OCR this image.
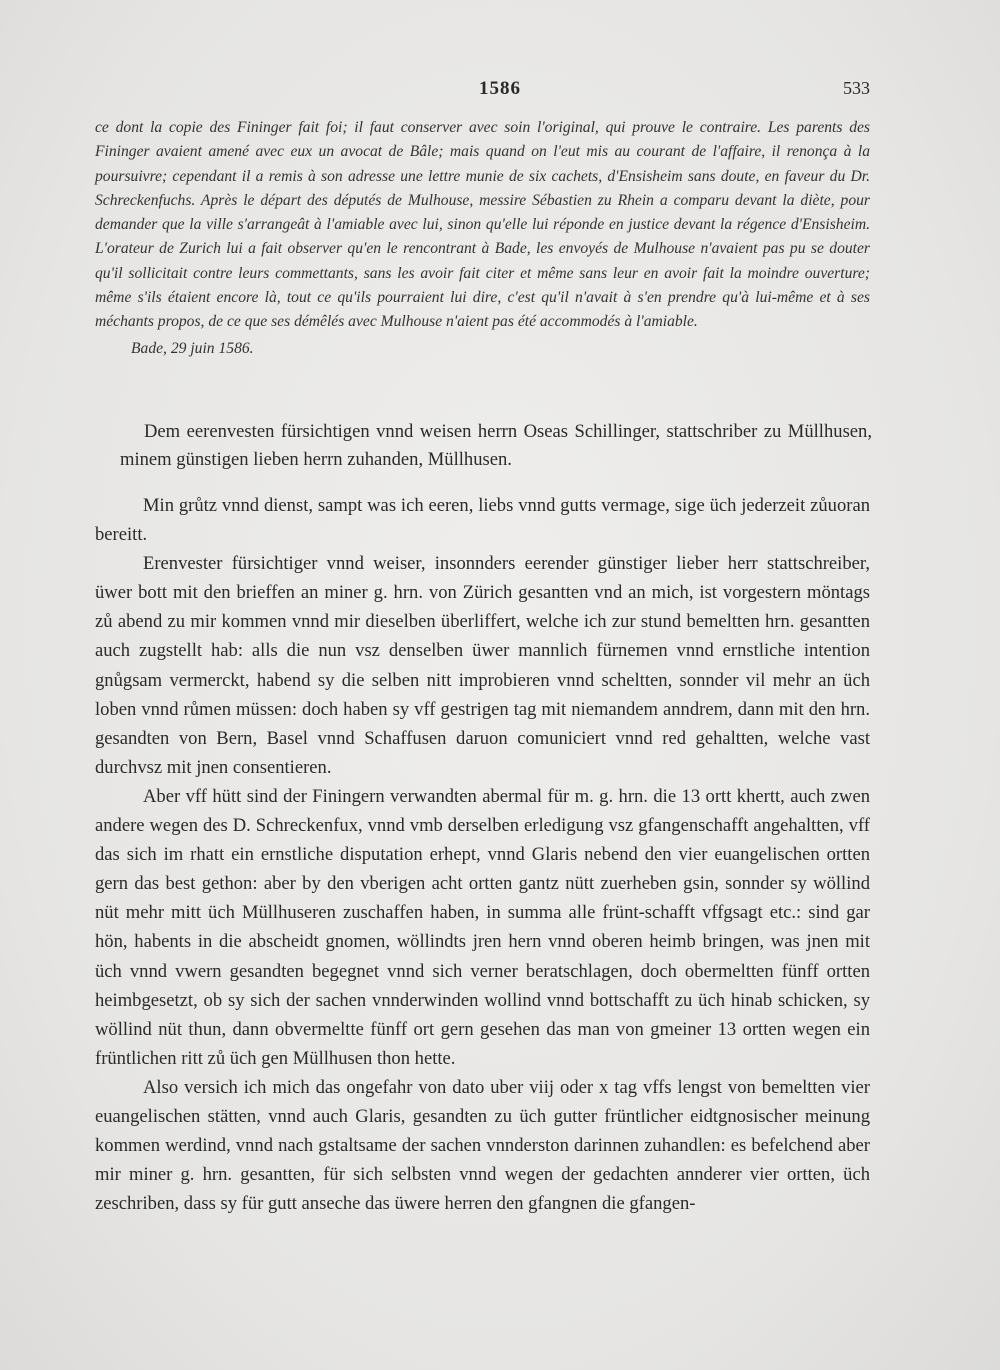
1586	533

ce dont la copie des Fininger fait foi; il faut conserver avec soin l'original, qui prouve le contraire. Les parents des Fininger avaient amené avec eux un avocat de Bâle; mais quand on l'eut mis au courant de l'affaire, il renonça à la poursuivre; cependant il a remis à son adresse une lettre munie de six cachets, d'Ensisheim sans doute, en faveur du Dr. Schreckenfuchs. Après le départ des députés de Mulhouse, messire Sébastien zu Rhein a comparu devant la diète, pour demander que la ville s'arrangeât à l'amiable avec lui, sinon qu'elle lui réponde en justice devant la régence d'Ensisheim. L'orateur de Zurich lui a fait observer qu'en le rencontrant à Bade, les envoyés de Mulhouse n'avaient pas pu se douter qu'il sollicitait contre leurs commettants, sans les avoir fait citer et même sans leur en avoir fait la moindre ouverture; même s'ils étaient encore là, tout ce qu'ils pourraient lui dire, c'est qu'il n'avait à s'en prendre qu'à lui-même et à ses méchants propos, de ce que ses démêlés avec Mulhouse n'aient pas été accommodés à l'amiable.

Bade, 29 juin 1586.

Dem eerenvesten fürsichtigen vnnd weisen herrn Oseas Schillinger, stattschriber zu Müllhusen, minem günstigen lieben herrn zuhanden, Müllhusen.

Min grůtz vnnd dienst, sampt was ich eeren, liebs vnnd gutts vermage, sige üch jederzeit zůuoran bereitt.

Erenvester fürsichtiger vnnd weiser, insonnders eerender günstiger lieber herr stattschreiber, üwer bott mit den brieffen an miner g. hrn. von Zürich gesantten vnd an mich, ist vorgestern möntags zů abend zu mir kommen vnnd mir dieselben überliffert, welche ich zur stund bemeltten hrn. gesantten auch zugstellt hab: alls die nun vsz denselben üwer mannlich fürnemen vnnd ernstliche intention gnůgsam vermerckt, habend sy die selben nitt improbieren vnnd scheltten, sonnder vil mehr an üch loben vnnd růmen müssen: doch haben sy vff gestrigen tag mit niemandem anndrem, dann mit den hrn. gesandten von Bern, Basel vnnd Schaffusen daruon comuniciert vnnd red gehaltten, welche vast durchvsz mit jnen consentieren.

Aber vff hütt sind der Finingern verwandten abermal für m. g. hrn. die 13 ortt khertt, auch zwen andere wegen des D. Schreckenfux, vnnd vmb derselben erledigung vsz gfangenschafft angehaltten, vff das sich im rhatt ein ernstliche disputation erhept, vnnd Glaris nebend den vier euangelischen ortten gern das best gethon: aber by den vberigen acht ortten gantz nütt zuerheben gsin, sonnder sy wöllind nüt mehr mitt üch Müllhuseren zuschaffen haben, in summa alle frünt-schafft vffgsagt etc.: sind gar hön, habents in die abscheidt gnomen, wöllindts jren hern vnnd oberen heimb bringen, was jnen mit üch vnnd vwern gesandten begegnet vnnd sich verner beratschlagen, doch obermeltten fünff ortten heimbgesetzt, ob sy sich der sachen vnnderwinden wollind vnnd bottschafft zu üch hinab schicken, sy wöllind nüt thun, dann obvermeltte fünff ort gern gesehen das man von gmeiner 13 ortten wegen ein früntlichen ritt zů üch gen Müllhusen thon hette.

Also versich ich mich das ongefahr von dato uber viij oder x tag vffs lengst von bemeltten vier euangelischen stätten, vnnd auch Glaris, gesandten zu üch gutter früntlicher eidtgnosischer meinung kommen werdind, vnnd nach gstaltsame der sachen vnnderston darinnen zuhandlen: es befelchend aber mir miner g. hrn. gesantten, für sich selbsten vnnd wegen der gedachten annderer vier ortten, üch zeschriben, dass sy für gutt anseche das üwere herren den gfangnen die gfangen-
